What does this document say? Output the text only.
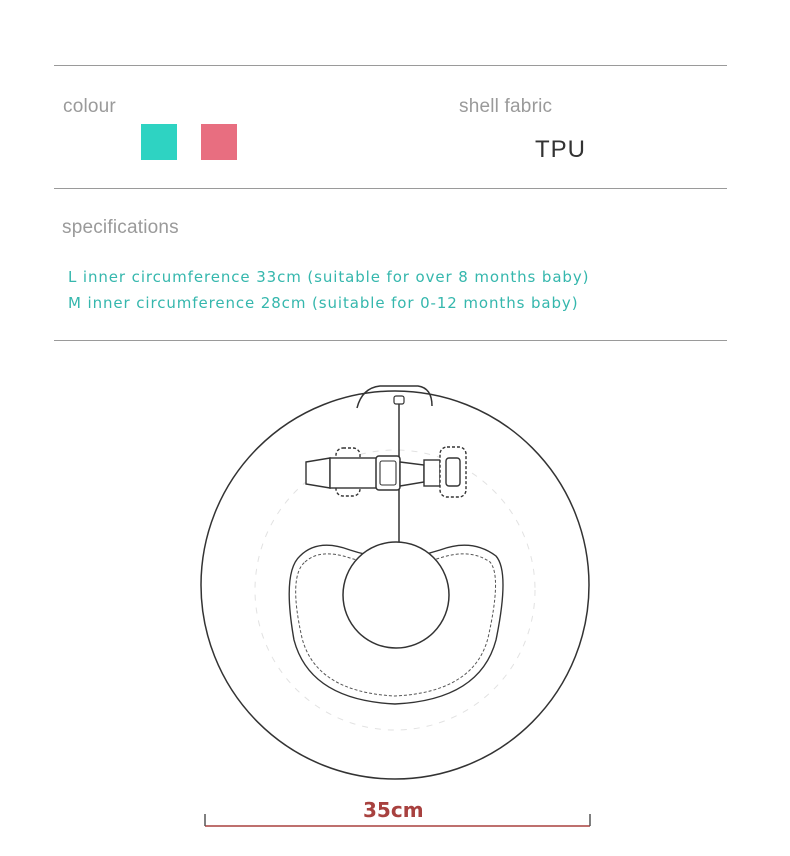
colour	shell fabric
TPU
specifications
L inner circumference 33cm (suitable for over 8 months baby)
M inner circumference 28cm (suitable for 0-12 months baby)
35cm
